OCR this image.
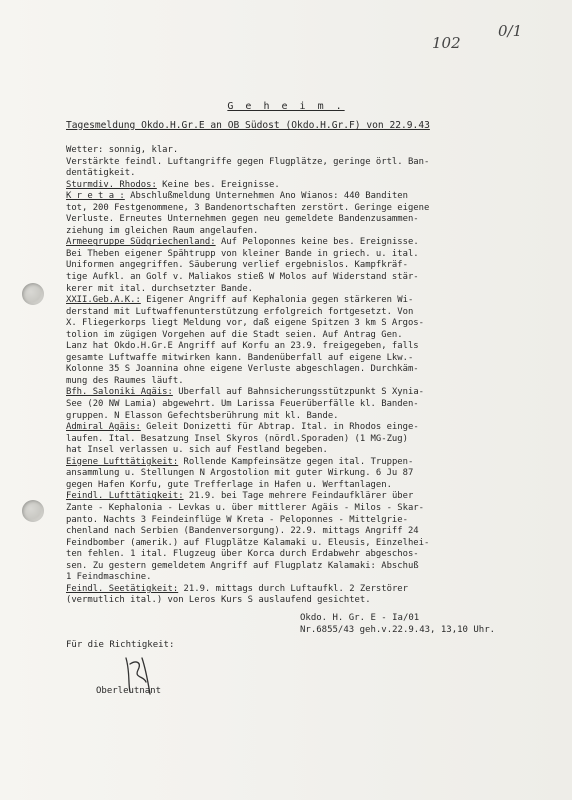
102
0/1
G e h e i m .
Tagesmeldung Okdo.H.Gr.E an OB Südost (Okdo.H.Gr.F) von 22.9.43
Wetter: sonnig, klar.
Verstärkte feindl. Luftangriffe gegen Flugplätze, geringe örtl. Ban-
dentätigkeit.
Sturmdiv. Rhodos: Keine bes. Ereignisse.
K r e t a : Abschlußmeldung Unternehmen Ano Wianos: 440 Banditen
tot, 200 Festgenommene, 3 Bandenortschaften zerstört. Geringe eigene
Verluste. Erneutes Unternehmen gegen neu gemeldete Bandenzusammen-
ziehung im gleichen Raum angelaufen.
Armeegruppe Südgriechenland: Auf Peloponnes keine bes. Ereignisse.
Bei Theben eigener Spähtrupp von kleiner Bande in griech. u. ital.
Uniformen angegriffen. Säuberung verlief ergebnislos. Kampfkräf-
tige Aufkl. an Golf v. Maliakos stieß W Molos auf Widerstand stär-
kerer mit ital. durchsetzter Bande.
XXII.Geb.A.K.: Eigener Angriff auf Kephalonia gegen stärkeren Wi-
derstand mit Luftwaffenunterstützung erfolgreich fortgesetzt. Von
X. Fliegerkorps liegt Meldung vor, daß eigene Spitzen 3 km S Argos-
tolion im zügigen Vorgehen auf die Stadt seien. Auf Antrag Gen.
Lanz hat Okdo.H.Gr.E Angriff auf Korfu an 23.9. freigegeben, falls
gesamte Luftwaffe mitwirken kann. Bandenüberfall auf eigene Lkw.-
Kolonne 35 S Joannina ohne eigene Verluste abgeschlagen. Durchkäm-
mung des Raumes läuft.
Bfh. Saloniki Ägäis: Überfall auf Bahnsicherungsstützpunkt S Xynia-
See (20 NW Lamia) abgewehrt. Um Larissa Feuerüberfälle kl. Banden-
gruppen. N Elasson Gefechtsberührung mit kl. Bande.
Admiral Ägäis: Geleit Donizetti für Abtrap. Ital. in Rhodos einge-
laufen. Ital. Besatzung Insel Skyros (nördl.Sporaden) (1 MG-Zug)
hat Insel verlassen u. sich auf Festland begeben.
Eigene Lufttätigkeit: Rollende Kampfeinsätze gegen ital. Truppen-
ansammlung u. Stellungen N Argostolion mit guter Wirkung. 6 Ju 87
gegen Hafen Korfu, gute Trefferlage in Hafen u. Werftanlagen.
Feindl. Lufttätigkeit: 21.9. bei Tage mehrere Feindaufklärer über
Zante - Kephalonia - Levkas u. über mittlerer Ägäis - Milos - Skar-
panto. Nachts 3 Feindeinflüge W Kreta - Peloponnes - Mittelgrie-
chenland nach Serbien (Bandenversorgung). 22.9. mittags Angriff 24
Feindbomber (amerik.) auf Flugplätze Kalamaki u. Eleusis, Einzelhei-
ten fehlen. 1 ital. Flugzeug über Korca durch Erdabwehr abgeschos-
sen. Zu gestern gemeldetem Angriff auf Flugplatz Kalamaki: Abschuß
1 Feindmaschine.
Feindl. Seetätigkeit: 21.9. mittags durch Luftaufkl. 2 Zerstörer
(vermutlich ital.) von Leros Kurs S auslaufend gesichtet.
Okdo. H. Gr. E - Ia/01
Nr.6855/43 geh.v.22.9.43, 13,10 Uhr.
Für die Richtigkeit:
Oberleutnant
